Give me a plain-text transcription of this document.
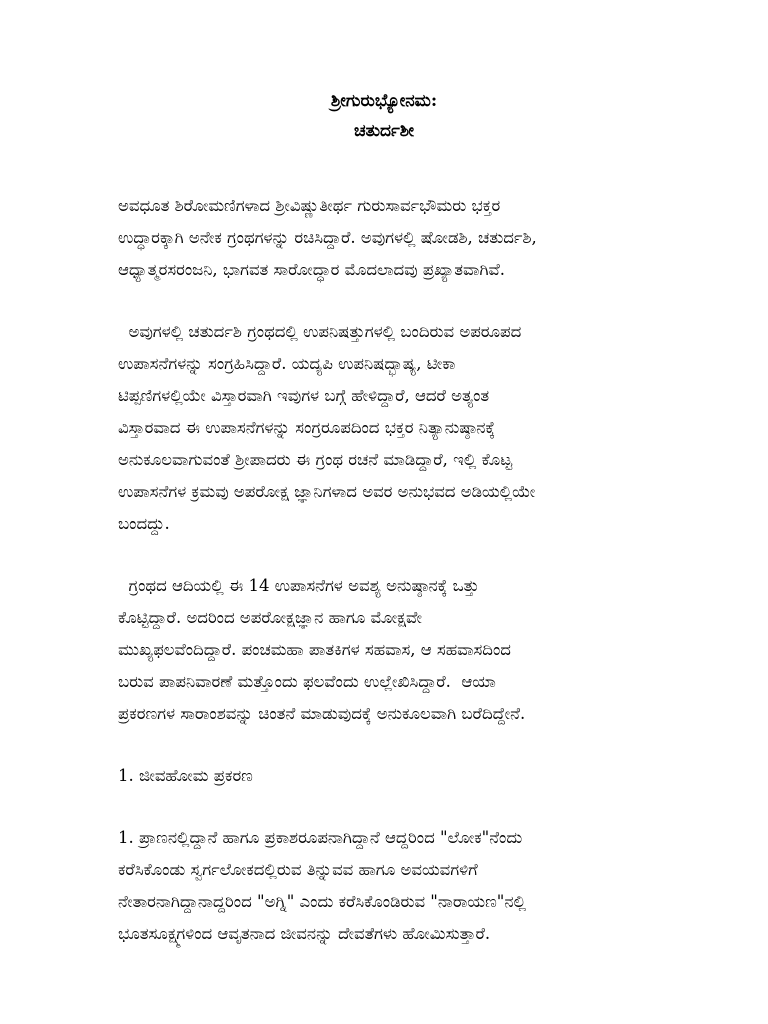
ಶ್ರೀಗುರುಭ್ಯೋನಮ:
ಚತುರ್ದಶೀ

ಅವಧೂತ ಶಿರೋಮಣಿಗಳಾದ ಶ್ರೀವಿಷ್ಣುತೀರ್ಥ ಗುರುಸಾರ್ವಭೌಮರು ಭಕ್ತರ
ಉದ್ಧಾರಕ್ಕಾಗಿ ಅನೇಕ ಗ್ರಂಥಗಳನ್ನು ರಚಿಸಿದ್ದಾರೆ. ಅವುಗಳಲ್ಲಿ ಷೋಡಶಿ, ಚತುರ್ದಶಿ,
ಆಧ್ಯಾತ್ಮರಸರಂಜನಿ, ಭಾಗವತ ಸಾರೋದ್ಧಾರ ಮೊದಲಾದವು ಪ್ರಖ್ಯಾತವಾಗಿವೆ.

ಅವುಗಳಲ್ಲಿ ಚತುರ್ದಶಿ ಗ್ರಂಥದಲ್ಲಿ ಉಪನಿಷತ್ತುಗಳಲ್ಲಿ ಬಂದಿರುವ ಅಪರೂಪದ
ಉಪಾಸನೆಗಳನ್ನು ಸಂಗ್ರಹಿಸಿದ್ದಾರೆ. ಯದ್ಯಪಿ ಉಪನಿಷದ್ಭಾಷ್ಯ, ಟೀಕಾ
ಟಿಪ್ಪಣಿಗಳಲ್ಲಿಯೇ ವಿಸ್ತಾರವಾಗಿ ಇವುಗಳ ಬಗ್ಗೆ ಹೇಳಿದ್ದಾರೆ, ಆದರೆ ಅತ್ಯಂತ
ವಿಸ್ತಾರವಾದ ಈ ಉಪಾಸನೆಗಳನ್ನು ಸಂಗ್ರರೂಪದಿಂದ ಭಕ್ತರ ನಿತ್ಯಾನುಷ್ಠಾನಕ್ಕೆ
ಅನುಕೂಲವಾಗುವಂತೆ ಶ್ರೀಪಾದರು ಈ ಗ್ರಂಥ ರಚನೆ ಮಾಡಿದ್ದಾರೆ, ಇಲ್ಲಿ ಕೊಟ್ಟ
ಉಪಾಸನೆಗಳ ಕ್ರಮವು ಅಪರೋಕ್ಷ ಜ್ಞಾನಿಗಳಾದ ಅವರ ಅನುಭವದ ಅಡಿಯಲ್ಲಿಯೇ
ಬಂದದ್ದು.

ಗ್ರಂಥದ ಆದಿಯಲ್ಲಿ ಈ 14 ಉಪಾಸನೆಗಳ ಅವಶ್ಯ ಅನುಷ್ಠಾನಕ್ಕೆ ಒತ್ತು
ಕೊಟ್ಟಿದ್ದಾರೆ. ಅದರಿಂದ ಅಪರೋಕ್ಷಜ್ಞಾನ ಹಾಗೂ ಮೋಕ್ಷವೇ
ಮುಖ್ಯಫಲವೆಂದಿದ್ದಾರೆ. ಪಂಚಮಹಾ ಪಾತಕಿಗಳ ಸಹವಾಸ, ಆ ಸಹವಾಸದಿಂದ
ಬರುವ ಪಾಪನಿವಾರಣೆ ಮತ್ತೊಂದು ಫಲವೆಂದು ಉಲ್ಲೇಖಿಸಿದ್ದಾರೆ.  ಆಯಾ
ಪ್ರಕರಣಗಳ ಸಾರಾಂಶವನ್ನು ಚಿಂತನೆ ಮಾಡುವುದಕ್ಕೆ ಅನುಕೂಲವಾಗಿ ಬರೆದಿದ್ದೇನೆ.

1. ಜೀವಹೋಮ ಪ್ರಕರಣ

1. ಪ್ರಾಣನಲ್ಲಿದ್ದಾನೆ ಹಾಗೂ ಪ್ರಕಾಶರೂಪನಾಗಿದ್ದಾನೆ ಆದ್ದರಿಂದ "ಲೋಕ"ನೆಂದು
ಕರೆಸಿಕೊಂಡು ಸ್ವರ್ಗಲೋಕದಲ್ಲಿರುವ ತಿನ್ನುವವ ಹಾಗೂ ಅವಯವಗಳಿಗೆ
ನೇತಾರನಾಗಿದ್ದಾನಾದ್ದರಿಂದ "ಅಗ್ನಿ" ಎಂದು ಕರೆಸಿಕೊಂಡಿರುವ "ನಾರಾಯಣ"ನಲ್ಲಿ
ಭೂತಸೂಕ್ಷ್ಮಗಳಿಂದ ಆವೃತನಾದ ಜೀವನನ್ನು ದೇವತೆಗಳು ಹೋಮಿಸುತ್ತಾರೆ.
